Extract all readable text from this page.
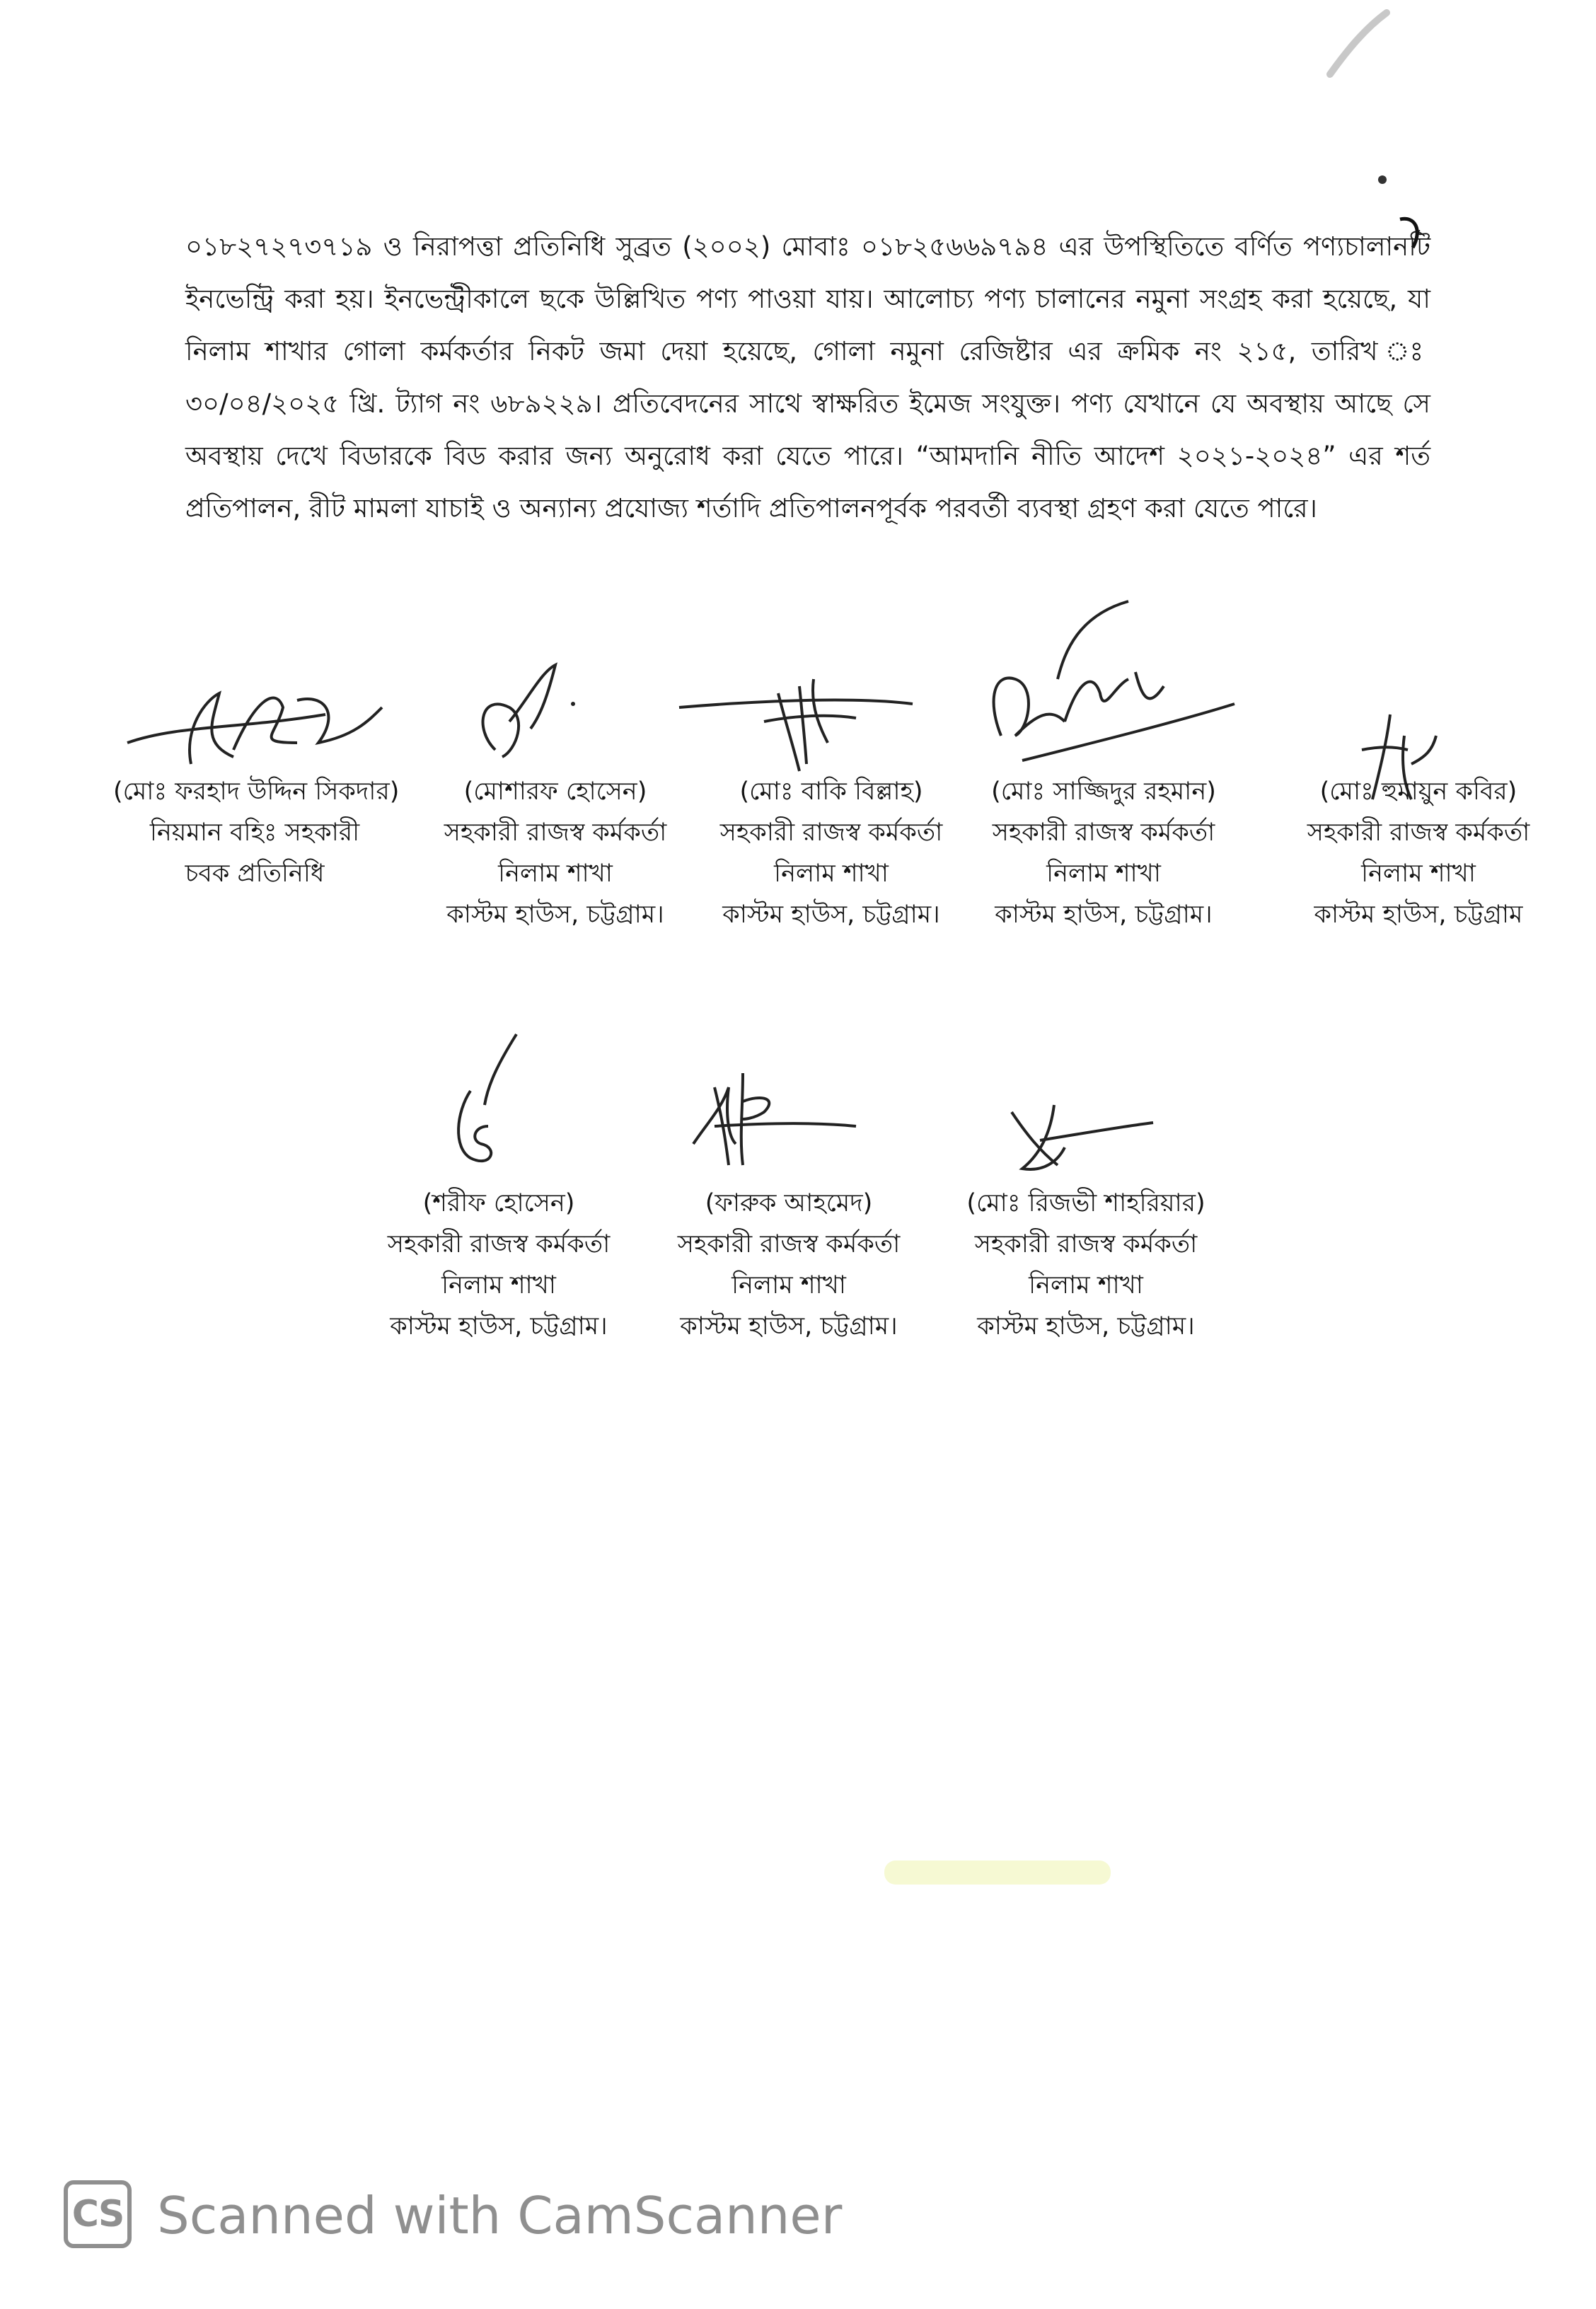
০১৮২৭২৭৩৭১৯ ও নিরাপত্তা প্রতিনিধি সুব্রত (২০০২) মোবাঃ ০১৮২৫৬৬৯৭৯৪ এর উপস্থিতিতে বর্ণিত পণ্যচালানটি ইনভেন্ট্রি করা হয়। ইনভেন্ট্রীকালে ছকে উল্লিখিত পণ্য পাওয়া যায়। আলোচ্য পণ্য চালানের নমুনা সংগ্রহ করা হয়েছে, যা নিলাম শাখার গোলা কর্মকর্তার নিকট জমা দেয়া হয়েছে, গোলা নমুনা রেজিষ্টার এর ক্রমিক নং ২১৫, তারিখ ঃ ৩০/০৪/২০২৫ খ্রি. ট্যাগ নং ৬৮৯২২৯। প্রতিবেদনের সাথে স্বাক্ষরিত ইমেজ সংযুক্ত। পণ্য যেখানে যে অবস্থায় আছে সে অবস্থায় দেখে বিডারকে বিড করার জন্য অনুরোধ করা যেতে পারে। “আমদানি নীতি আদেশ ২০২১-২০২৪” এর শর্ত প্রতিপালন, রীট মামলা যাচাই ও অন্যান্য প্রযোজ্য শর্তাদি প্রতিপালনপূর্বক পরবর্তী ব্যবস্থা গ্রহণ করা যেতে পারে।

(মোঃ ফরহাদ উদ্দিন সিকদার)
নিয়মান বহিঃ সহকারী
চবক প্রতিনিধি
(মোশারফ হোসেন)
সহকারী রাজস্ব কর্মকর্তা
নিলাম শাখা
কাস্টম হাউস, চট্টগ্রাম।
(মোঃ বাকি বিল্লাহ)
সহকারী রাজস্ব কর্মকর্তা
নিলাম শাখা
কাস্টম হাউস, চট্টগ্রাম।
(মোঃ সাজ্জিদুর রহমান)
সহকারী রাজস্ব কর্মকর্তা
নিলাম শাখা
কাস্টম হাউস, চট্টগ্রাম।
(মোঃ হুমায়ুন কবির)
সহকারী রাজস্ব কর্মকর্তা
নিলাম শাখা
কাস্টম হাউস, চট্টগ্রাম
(শরীফ হোসেন)
সহকারী রাজস্ব কর্মকর্তা
নিলাম শাখা
কাস্টম হাউস, চট্টগ্রাম।
(ফারুক আহমেদ)
সহকারী রাজস্ব কর্মকর্তা
নিলাম শাখা
কাস্টম হাউস, চট্টগ্রাম।
(মোঃ রিজভী শাহরিয়ার)
সহকারী রাজস্ব কর্মকর্তা
নিলাম শাখা
কাস্টম হাউস, চট্টগ্রাম।
CS Scanned with CamScanner
